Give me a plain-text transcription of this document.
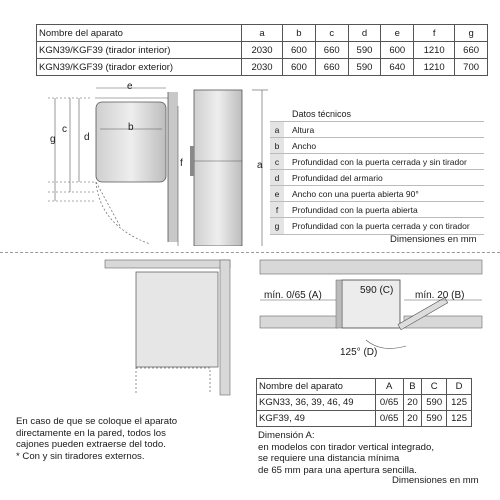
Nombre del aparato	a	b	c	d	e	f	g
KGN39/KGF39 (tirador interior)	2030	600	660	590	600	1210	660
KGN39/KGF39 (tirador exterior)	2030	600	660	590	640	1210	700
e
b
c
d
g
f	a
Datos técnicos
a	Altura
b	Ancho
c	Profundidad con la puerta cerrada y sin tirador
d	Profundidad del armario
e	Ancho con una puerta abierta 90°
f	Profundidad con la puerta abierta
g	Profundidad con la puerta cerrada y con tirador
Dimensiones en mm
En caso de que se coloque el aparato
directamente en la pared, todos los
cajones pueden extraerse del todo.
* Con y sin tiradores externos.
mín. 0/65 (A)	mín. 20 (B)
590 (C)
125° (D)
Nombre del aparato	A	B	C	D
KGN33, 36, 39, 46, 49	0/65	20	590	125
KGF39, 49	0/65	20	590	125
Dimensión A:
en modelos con tirador vertical integrado,
se requiere una distancia mínima
de 65 mm para una apertura sencilla.
Dimensiones en mm
